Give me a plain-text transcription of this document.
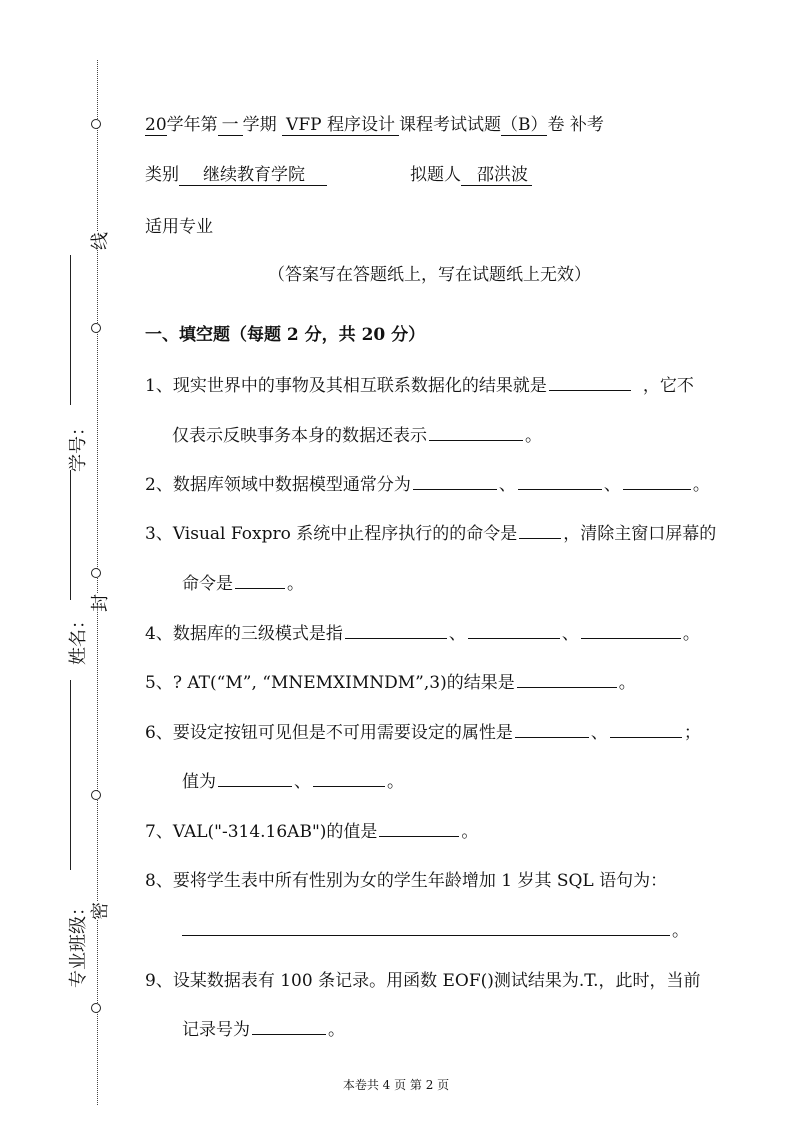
线
封
密
学号：
姓名：
专业班级：
20学年第 一 学期 VFP 程序设计 课程考试试题（B）卷 补考
类别 继续教育学院	拟题人 邵洪波
适用专业
（答案写在答题纸上，写在试题纸上无效）
一、填空题（每题 2 分，共 20 分）
1、现实世界中的事物及其相互联系数据化的结果就是	，它不
仅表示反映事务本身的数据还表示	。
2、数据库领域中数据模型通常分为	、	、	。
3、Visual Foxpro 系统中止程序执行的的命令是	，清除主窗口屏幕的
命令是	。
4、数据库的三级模式是指	、	、	。
5、? AT(“M”, “MNEMXIMNDM”,3)的结果是	。
6、要设定按钮可见但是不可用需要设定的属性是	、	；
值为	、	。
7、VAL("-314.16AB")的值是	。
8、要将学生表中所有性别为女的学生年龄增加 1 岁其 SQL 语句为：
。
9、设某数据表有 100 条记录。用函数 EOF()测试结果为.T.，此时，当前
记录号为	。
本卷共 4 页 第 2 页
